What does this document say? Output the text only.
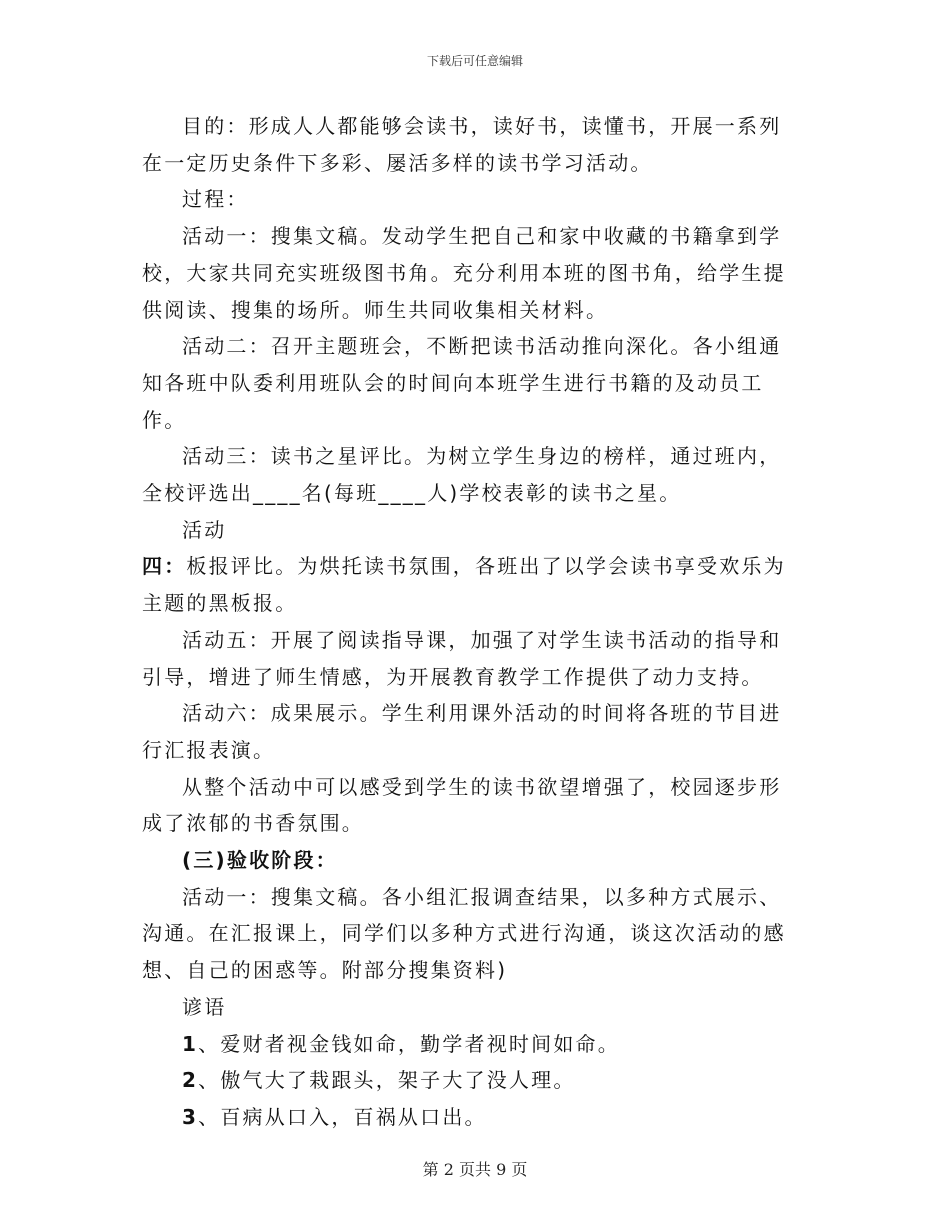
下载后可任意编辑

目的：形成人人都能够会读书，读好书，读懂书，开展一系列在一定历史条件下多彩、屡活多样的读书学习活动。

过程：

活动一：搜集文稿。发动学生把自己和家中收藏的书籍拿到学校，大家共同充实班级图书角。充分利用本班的图书角，给学生提供阅读、搜集的场所。师生共同收集相关材料。

活动二：召开主题班会，不断把读书活动推向深化。各小组通知各班中队委利用班队会的时间向本班学生进行书籍的及动员工作。

活动三：读书之星评比。为树立学生身边的榜样，通过班内，全校评选出____名(每班____人)学校表彰的读书之星。

活动

四：板报评比。为烘托读书氛围，各班出了以学会读书享受欢乐为主题的黑板报。

活动五：开展了阅读指导课，加强了对学生读书活动的指导和引导，增进了师生情感，为开展教育教学工作提供了动力支持。

活动六：成果展示。学生利用课外活动的时间将各班的节目进行汇报表演。

从整个活动中可以感受到学生的读书欲望增强了，校园逐步形成了浓郁的书香氛围。

(三)验收阶段：

活动一：搜集文稿。各小组汇报调查结果，以多种方式展示、沟通。在汇报课上，同学们以多种方式进行沟通，谈这次活动的感想、自己的困惑等。附部分搜集资料)

谚语

1、爱财者视金钱如命，勤学者视时间如命。

2、傲气大了栽跟头，架子大了没人理。

3、百病从口入，百祸从口出。

第 2 页共 9 页
